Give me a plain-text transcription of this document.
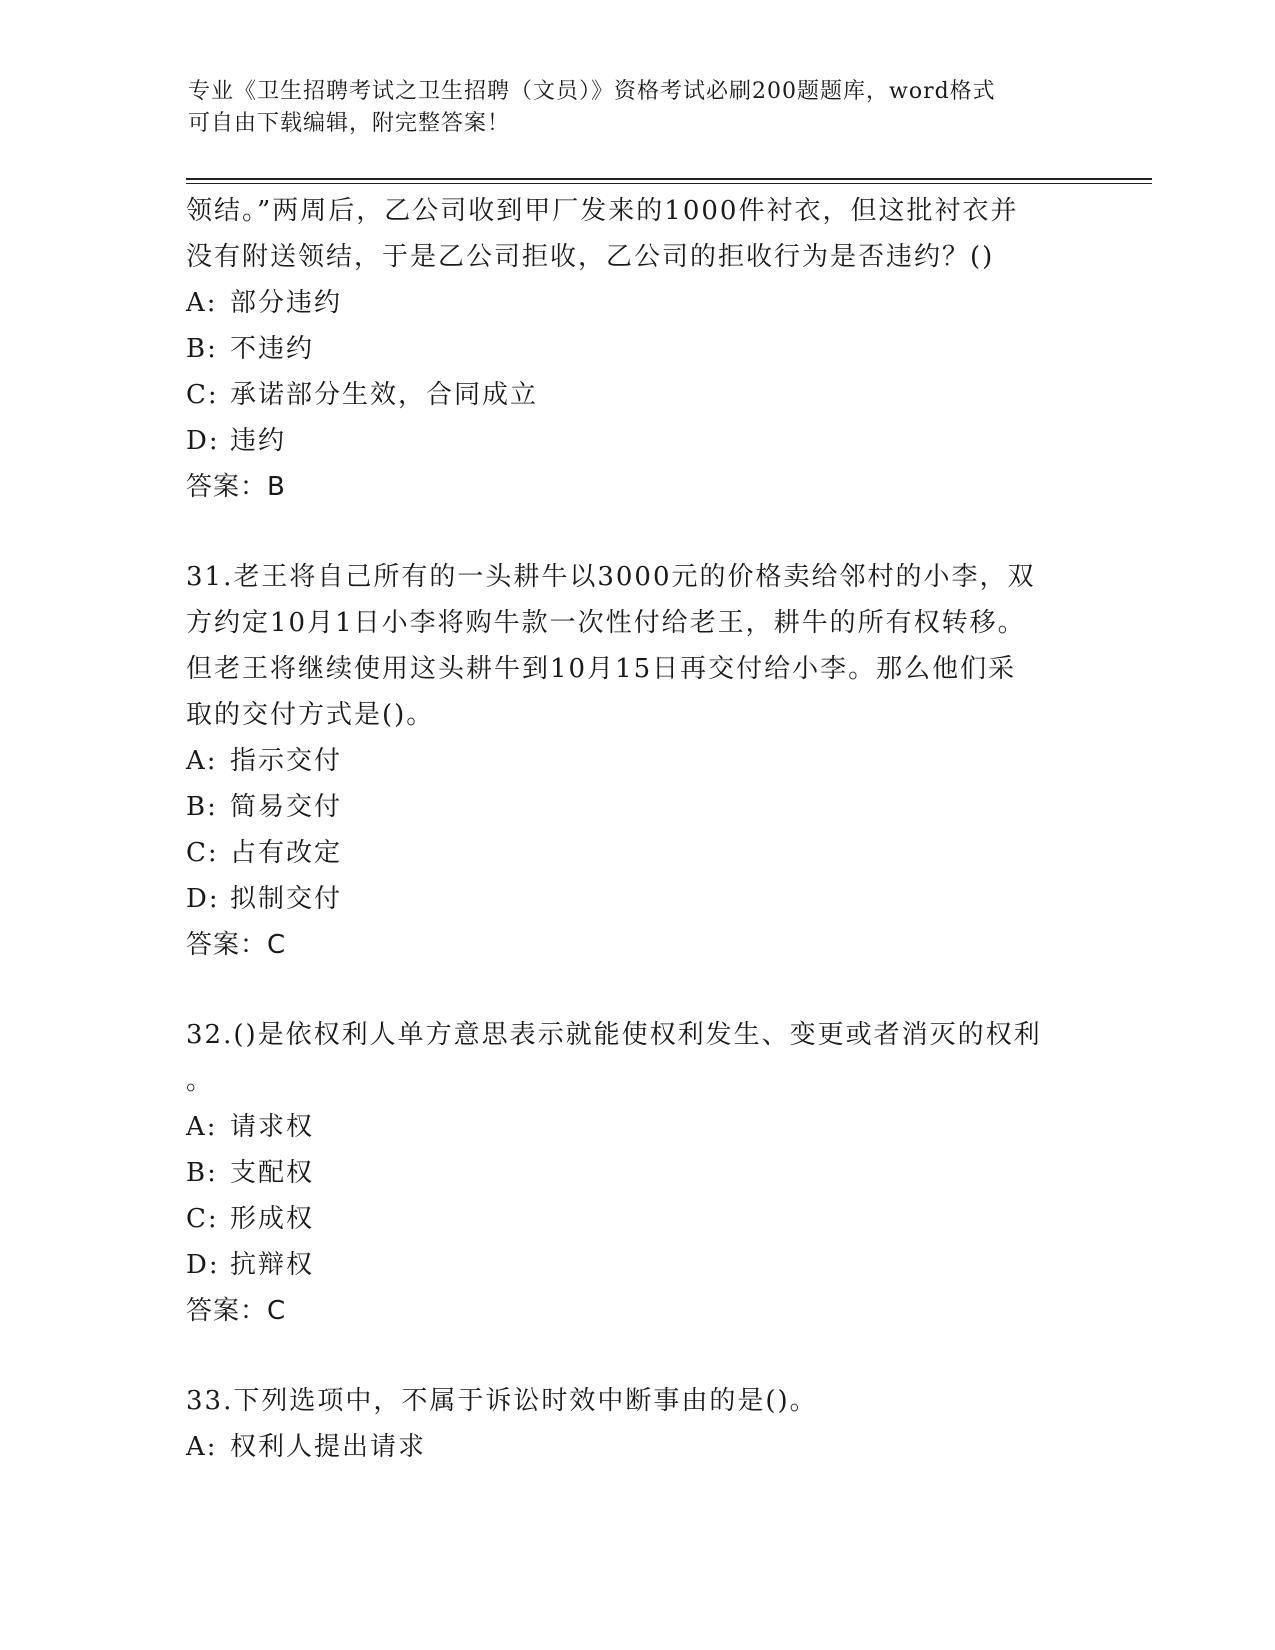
专业《卫生招聘考试之卫生招聘（文员）》资格考试必刷200题题库，word格式
可自由下载编辑，附完整答案！
领结。”两周后，乙公司收到甲厂发来的1000件衬衣，但这批衬衣并
没有附送领结，于是乙公司拒收，乙公司的拒收行为是否违约？()
A: 部分违约
B: 不违约
C: 承诺部分生效，合同成立
D: 违约
答案：B
31.老王将自己所有的一头耕牛以3000元的价格卖给邻村的小李，双
方约定10月1日小李将购牛款一次性付给老王，耕牛的所有权转移。
但老王将继续使用这头耕牛到10月15日再交付给小李。那么他们采
取的交付方式是()。
A: 指示交付
B: 简易交付
C: 占有改定
D: 拟制交付
答案：C
32.()是依权利人单方意思表示就能使权利发生、变更或者消灭的权利
。
A: 请求权
B: 支配权
C: 形成权
D: 抗辩权
答案：C
33.下列选项中，不属于诉讼时效中断事由的是()。
A: 权利人提出请求
